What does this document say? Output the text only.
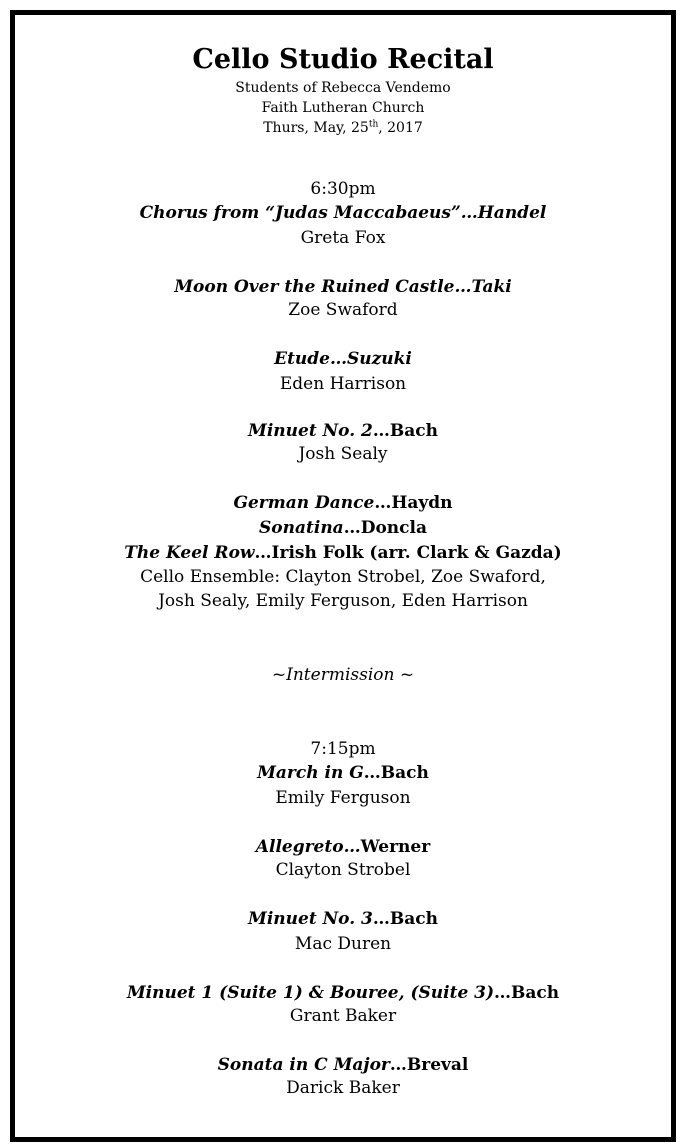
Cello Studio Recital
Students of Rebecca Vendemo
Faith Lutheran Church
Thurs, May, 25th, 2017
6:30pm
Chorus from “Judas Maccabaeus”…Handel
Greta Fox
Moon Over the Ruined Castle…Taki
Zoe Swaford
Etude…Suzuki
Eden Harrison
Minuet No. 2…Bach
Josh Sealy
German Dance…Haydn
Sonatina…Doncla
The Keel Row…Irish Folk (arr. Clark & Gazda)
Cello Ensemble: Clayton Strobel, Zoe Swaford,
Josh Sealy, Emily Ferguson, Eden Harrison
~Intermission ~
7:15pm
March in G…Bach
Emily Ferguson
Allegreto…Werner
Clayton Strobel
Minuet No. 3…Bach
Mac Duren
Minuet 1 (Suite 1) & Bouree, (Suite 3)…Bach
Grant Baker
Sonata in C Major…Breval
Darick Baker
